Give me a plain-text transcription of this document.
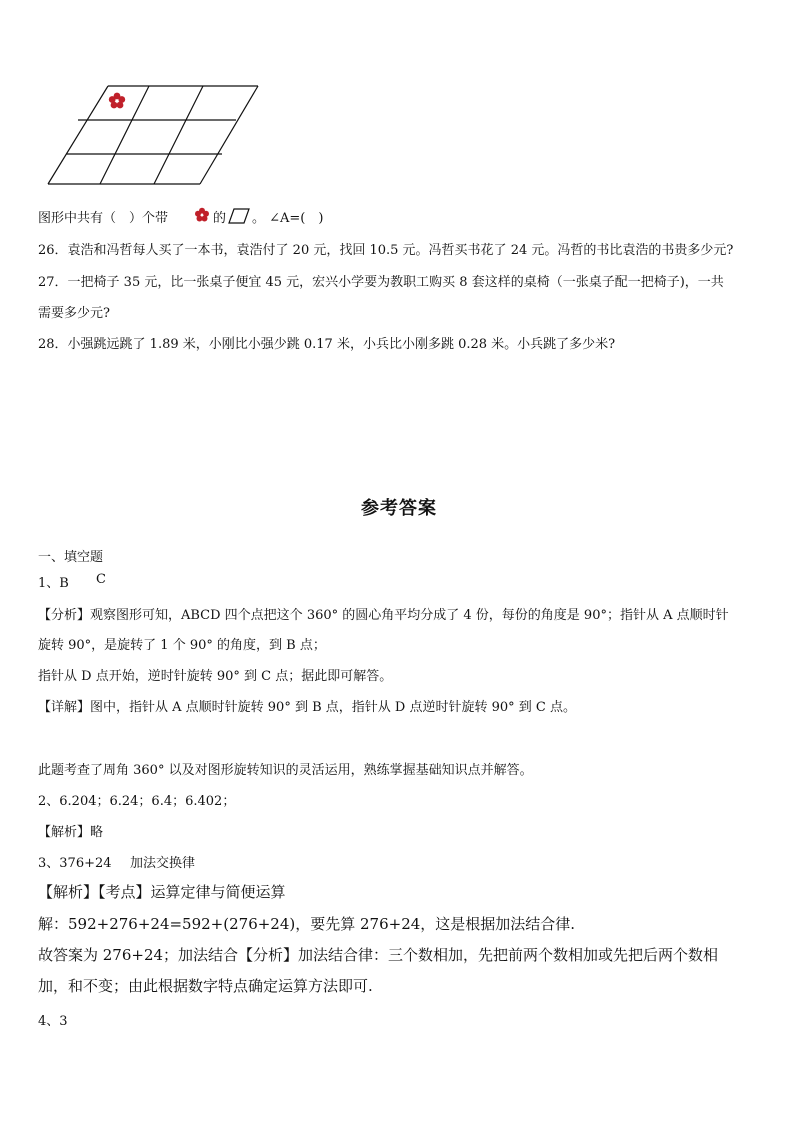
图形中共有（　）个带	的 。 ∠A=(　)
26．袁浩和冯哲每人买了一本书，袁浩付了 20 元，找回 10.5 元。冯哲买书花了 24 元。冯哲的书比袁浩的书贵多少元?
27．一把椅子 35 元，比一张桌子便宜 45 元，宏兴小学要为教职工购买 8 套这样的桌椅（一张桌子配一把椅子)，一共
需要多少元?
28．小强跳远跳了 1.89 米，小刚比小强少跳 0.17 米，小兵比小刚多跳 0.28 米。小兵跳了多少米?
参考答案
一、填空题
1、B C
【分析】观察图形可知，ABCD 四个点把这个 360° 的圆心角平均分成了 4 份，每份的角度是 90°；指针从 A 点顺时针
旋转 90°，是旋转了 1 个 90° 的角度，到 B 点；
指针从 D 点开始，逆时针旋转 90° 到 C 点；据此即可解答。
【详解】图中，指针从 A 点顺时针旋转 90° 到 B 点，指针从 D 点逆时针旋转 90° 到 C 点。
此题考查了周角 360° 以及对图形旋转知识的灵活运用，熟练掌握基础知识点并解答。
2、6.204；6.24；6.4；6.402；
【解析】略
3、376+24 加法交换律
【解析】【考点】运算定律与简便运算
解：592+276+24=592+(276+24)，要先算 276+24，这是根据加法结合律.
故答案为 276+24；加法结合【分析】加法结合律：三个数相加，先把前两个数相加或先把后两个数相
加，和不变；由此根据数字特点确定运算方法即可.
4、3
